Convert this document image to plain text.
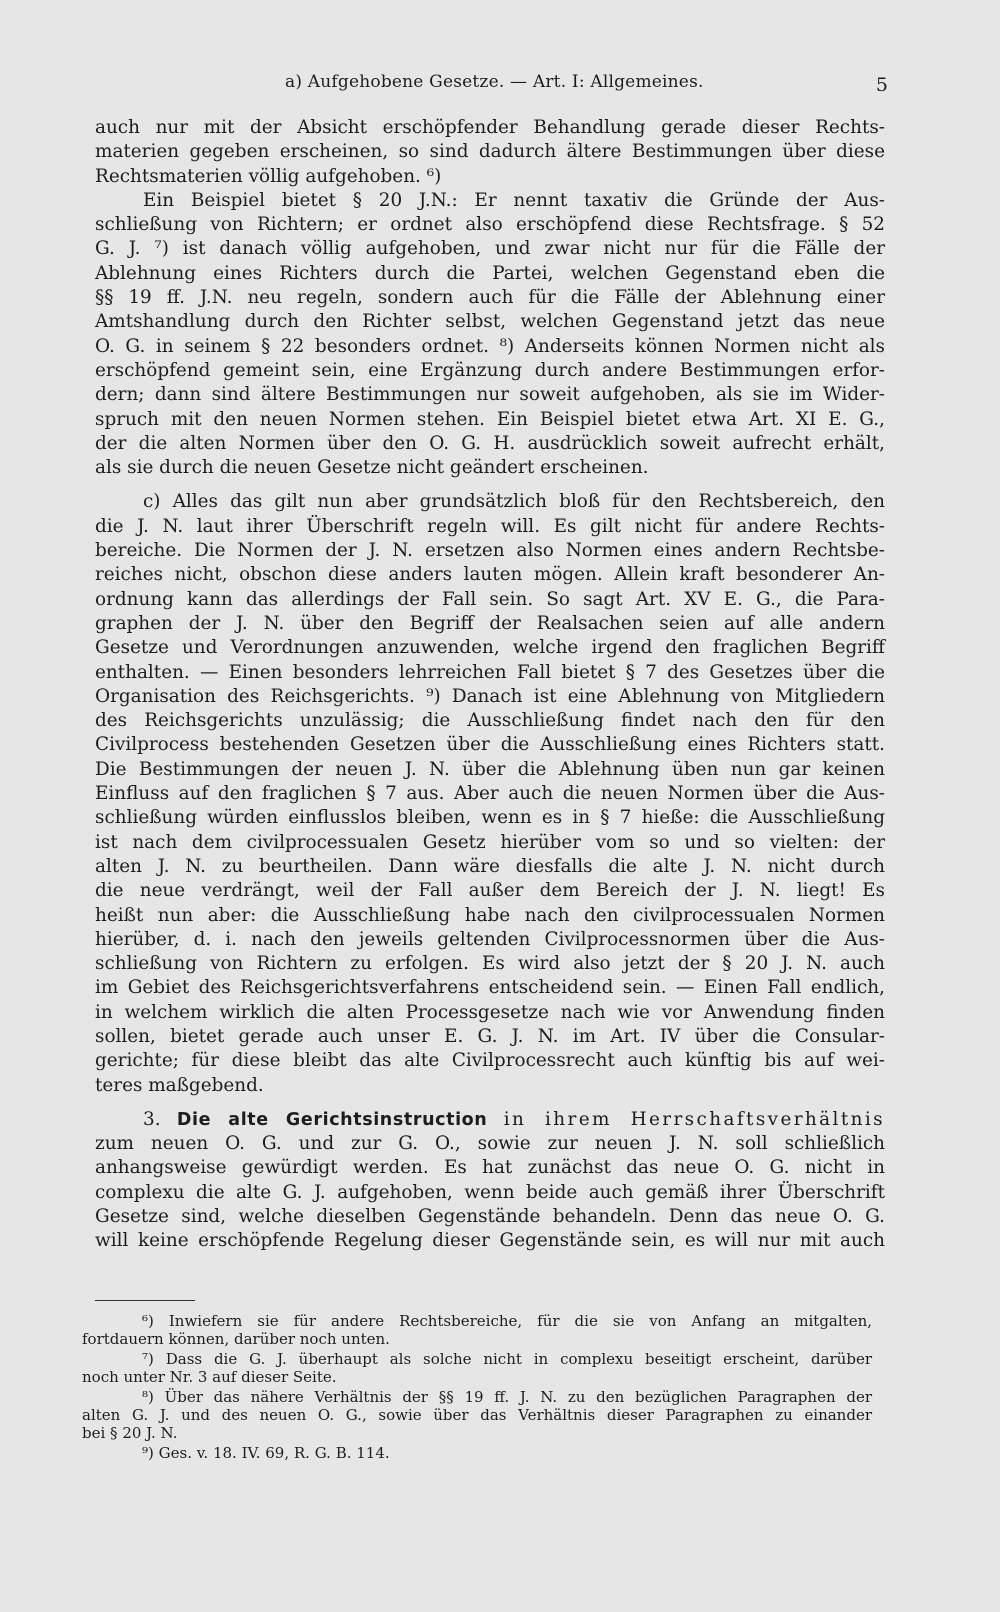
a) Aufgehobene Gesetze. — Art. I: Allgemeines.	5
auch nur mit der Absicht erschöpfender Behandlung gerade dieser Rechts-
materien gegeben erscheinen, so sind dadurch ältere Bestimmungen über diese
Rechtsmaterien völlig aufgehoben. ⁶)
Ein Beispiel bietet § 20 J.N.: Er nennt taxativ die Gründe der Aus-
schließung von Richtern; er ordnet also erschöpfend diese Rechtsfrage. § 52
G. J. ⁷) ist danach völlig aufgehoben, und zwar nicht nur für die Fälle der
Ablehnung eines Richters durch die Partei, welchen Gegenstand eben die
§§ 19 ff. J.N. neu regeln, sondern auch für die Fälle der Ablehnung einer
Amtshandlung durch den Richter selbst, welchen Gegenstand jetzt das neue
O. G. in seinem § 22 besonders ordnet. ⁸) Anderseits können Normen nicht als
erschöpfend gemeint sein, eine Ergänzung durch andere Bestimmungen erfor-
dern; dann sind ältere Bestimmungen nur soweit aufgehoben, als sie im Wider-
spruch mit den neuen Normen stehen. Ein Beispiel bietet etwa Art. XI E. G.,
der die alten Normen über den O. G. H. ausdrücklich soweit aufrecht erhält,
als sie durch die neuen Gesetze nicht geändert erscheinen.
c) Alles das gilt nun aber grundsätzlich bloß für den Rechtsbereich, den
die J. N. laut ihrer Überschrift regeln will. Es gilt nicht für andere Rechts-
bereiche. Die Normen der J. N. ersetzen also Normen eines andern Rechtsbe-
reiches nicht, obschon diese anders lauten mögen. Allein kraft besonderer An-
ordnung kann das allerdings der Fall sein. So sagt Art. XV E. G., die Para-
graphen der J. N. über den Begriff der Realsachen seien auf alle andern
Gesetze und Verordnungen anzuwenden, welche irgend den fraglichen Begriff
enthalten. — Einen besonders lehrreichen Fall bietet § 7 des Gesetzes über die
Organisation des Reichsgerichts. ⁹) Danach ist eine Ablehnung von Mitgliedern
des Reichsgerichts unzulässig; die Ausschließung findet nach den für den
Civilprocess bestehenden Gesetzen über die Ausschließung eines Richters statt.
Die Bestimmungen der neuen J. N. über die Ablehnung üben nun gar keinen
Einfluss auf den fraglichen § 7 aus. Aber auch die neuen Normen über die Aus-
schließung würden einflusslos bleiben, wenn es in § 7 hieße: die Ausschließung
ist nach dem civilprocessualen Gesetz hierüber vom so und so vielten: der
alten J. N. zu beurtheilen. Dann wäre diesfalls die alte J. N. nicht durch
die neue verdrängt, weil der Fall außer dem Bereich der J. N. liegt! Es
heißt nun aber: die Ausschließung habe nach den civilprocessualen Normen
hierüber, d. i. nach den jeweils geltenden Civilprocessnormen über die Aus-
schließung von Richtern zu erfolgen. Es wird also jetzt der § 20 J. N. auch
im Gebiet des Reichsgerichtsverfahrens entscheidend sein. — Einen Fall endlich,
in welchem wirklich die alten Processgesetze nach wie vor Anwendung finden
sollen, bietet gerade auch unser E. G. J. N. im Art. IV über die Consular-
gerichte; für diese bleibt das alte Civilprocessrecht auch künftig bis auf wei-
teres maßgebend.
3. Die alte Gerichtsinstruction in ihrem Herrschaftsverhältnis
zum neuen O. G. und zur G. O., sowie zur neuen J. N. soll schließlich
anhangsweise gewürdigt werden. Es hat zunächst das neue O. G. nicht in
complexu die alte G. J. aufgehoben, wenn beide auch gemäß ihrer Überschrift
Gesetze sind, welche dieselben Gegenstände behandeln. Denn das neue O. G.
will keine erschöpfende Regelung dieser Gegenstände sein, es will nur mit auch
⁶) Inwiefern sie für andere Rechtsbereiche, für die sie von Anfang an mitgalten,
fortdauern können, darüber noch unten.
⁷) Dass die G. J. überhaupt als solche nicht in complexu beseitigt erscheint, darüber
noch unter Nr. 3 auf dieser Seite.
⁸) Über das nähere Verhältnis der §§ 19 ff. J. N. zu den bezüglichen Paragraphen der
alten G. J. und des neuen O. G., sowie über das Verhältnis dieser Paragraphen zu einander
bei § 20 J. N.
⁹) Ges. v. 18. IV. 69, R. G. B. 114.
